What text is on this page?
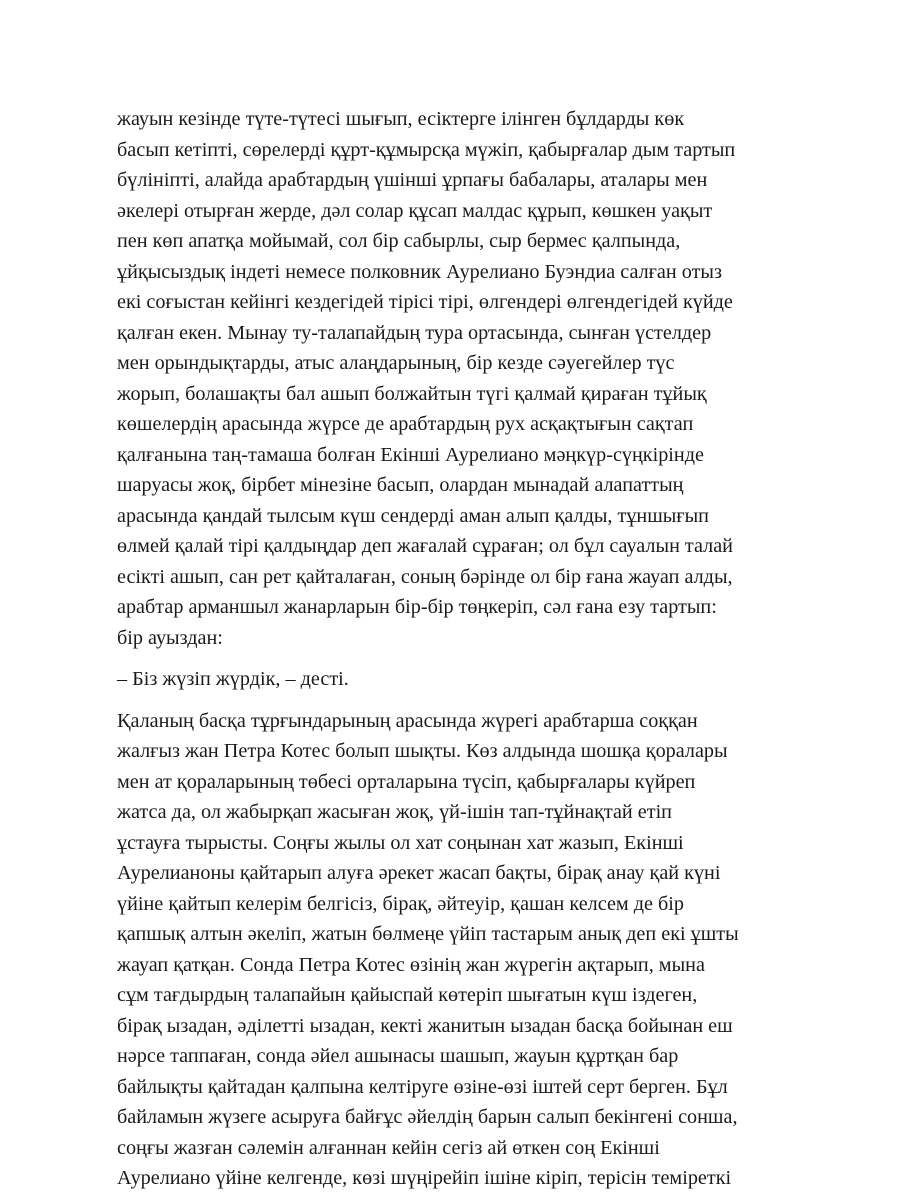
жауын кезінде түте-түтесі шығып, есіктерге ілінген бұлдарды көк
басып кетіпті, сөрелерді құрт-құмырсқа мүжіп, қабырғалар дым тартып
бүлініпті, алайда арабтардың үшінші ұрпағы бабалары, аталары мен
әкелері отырған жерде, дәл солар құсап малдас құрып, көшкен уақыт
пен көп апатқа мойымай, сол бір сабырлы, сыр бермес қалпында,
ұйқысыздық індеті немесе полковник Аурелиано Буэндиа салған отыз
екі соғыстан кейінгі кездегідей тірісі тірі, өлгендері өлгендегідей күйде
қалған екен. Мынау ту-талапайдың тура ортасында, сынған үстелдер
мен орындықтарды, атыс алаңдарының, бір кезде сәуегейлер түс
жорып, болашақты бал ашып болжайтын түгі қалмай қираған тұйық
көшелердің арасында жүрсе де арабтардың рух асқақтығын сақтап
қалғанына таң-тамаша болған Екінші Аурелиано мәңкүр-сүңкірінде
шаруасы жоқ, бірбет мінезіне басып, олардан мынадай алапаттың
арасында қандай тылсым күш сендерді аман алып қалды, тұншығып
өлмей қалай тірі қалдыңдар деп жағалай сұраған; ол бұл сауалын талай
есікті ашып, сан рет қайталаған, соның бәрінде ол бір ғана жауап алды,
арабтар арманшыл жанарларын бір-бір төңкеріп, сәл ғана езу тартып:
бір ауыздан:

– Біз жүзіп жүрдік, – десті.

Қаланың басқа тұрғындарының арасында жүрегі арабтарша соққан
жалғыз жан Петра Котес болып шықты. Көз алдында шошқа қоралары
мен ат қораларының төбесі орталарына түсіп, қабырғалары күйреп
жатса да, ол жабырқап жасыған жоқ, үй-ішін тап-тұйнақтай етіп
ұстауға тырысты. Соңғы жылы ол хат соңынан хат жазып, Екінші
Аурелианоны қайтарып алуға әрекет жасап бақты, бірақ анау қай күні
үйіне қайтып келерім белгісіз, бірақ, әйтеуір, қашан келсем де бір
қапшық алтын әкеліп, жатын бөлмеңе үйіп тастарым анық деп екі ұшты
жауап қатқан. Сонда Петра Котес өзінің жан жүрегін ақтарып, мына
сұм тағдырдың талапайын қайыспай көтеріп шығатын күш іздеген,
бірақ ызадан, әділетті ызадан, кекті жанитын ызадан басқа бойынан еш
нәрсе таппаған, сонда әйел ашынасы шашып, жауын құртқан бар
байлықты қайтадан қалпына келтіруге өзіне-өзі іштей серт берген. Бұл
байламын жүзеге асыруға байғұс әйелдің барын салып бекінгені сонша,
соңғы жазған сәлемін алғаннан кейін сегіз ай өткен соң Екінші
Аурелиано үйіне келгенде, көзі шүңірейіп ішіне кіріп, терісін теміреткі
